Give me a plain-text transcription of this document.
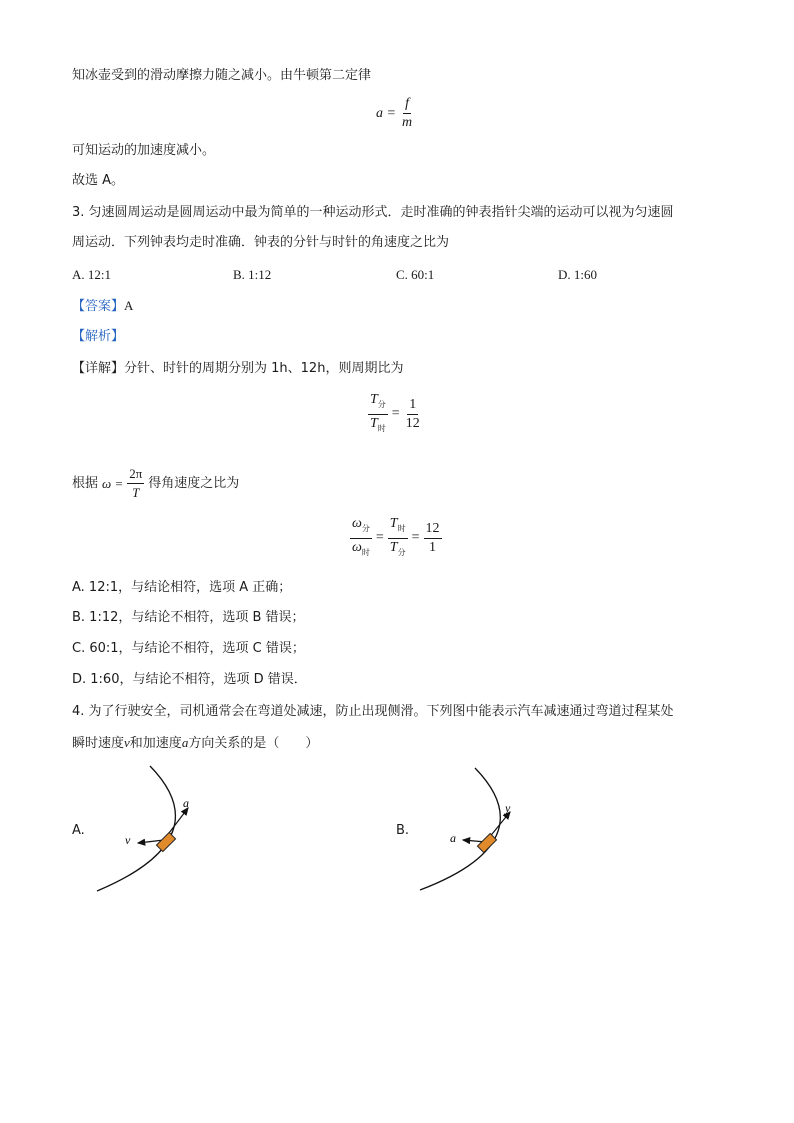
知冰壶受到的滑动摩擦力随之减小。由牛顿第二定律
$a = \frac{f}{m}$
可知运动的加速度减小。
故选 A。
3. 匀速圆周运动是圆周运动中最为简单的一种运动形式．走时准确的钟表指针尖端的运动可以视为匀速圆
周运动．下列钟表均走时准确．钟表的分针与时针的角速度之比为
A. 12:1	B. 1:12	C. 60:1	D. 1:60
【答案】A
【解析】
【详解】分针、时针的周期分别为 1h、12h，则周期比为
$\frac{T_分}{T_时} = \frac{1}{12}$
根据 $\omega = \frac{2\pi}{T}$ 得角速度之比为
$\frac{\omega_分}{\omega_时} = \frac{T_时}{T_分} = \frac{12}{1}$
A. 12:1，与结论相符，选项 A 正确；
B. 1:12，与结论不相符，选项 B 错误；
C. 60:1，与结论不相符，选项 C 错误；
D. 1:60，与结论不相符，选项 D 错误．
4. 为了行驶安全，司机通常会在弯道处减速，防止出现侧滑。下列图中能表示汽车减速通过弯道过程某处
瞬时速度v和加速度a方向关系的是（　　）
A.
a
v
B.
y
a
